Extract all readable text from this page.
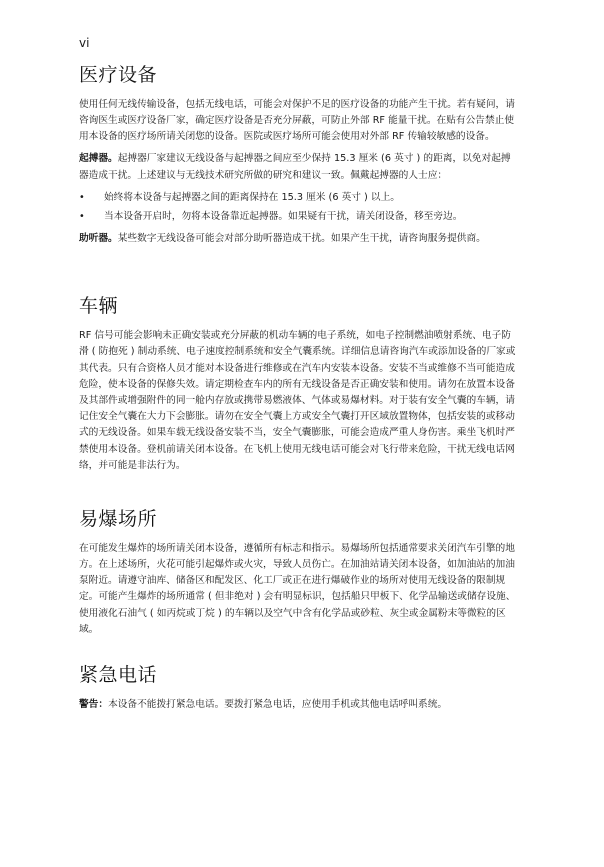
vi
医疗设备

使用任何无线传输设备，包括无线电话，可能会对保护不足的医疗设备的功能产生干扰。若有疑问，请咨询医生或医疗设备厂家，确定医疗设备是否充分屏蔽，可防止外部 RF 能量干扰。在贴有公告禁止使用本设备的医疗场所请关闭您的设备。医院或医疗场所可能会使用对外部 RF 传输较敏感的设备。

起搏器。起搏器厂家建议无线设备与起搏器之间应至少保持 15.3 厘米 (6 英寸 ) 的距离，以免对起搏器造成干扰。上述建议与无线技术研究所做的研究和建议一致。佩戴起搏器的人士应：

• 始终将本设备与起搏器之间的距离保持在 15.3 厘米 (6 英寸 ) 以上。
• 当本设备开启时，勿将本设备靠近起搏器。如果疑有干扰，请关闭设备，移至旁边。

助听器。某些数字无线设备可能会对部分助听器造成干扰。如果产生干扰，请咨询服务提供商。

车辆

RF 信号可能会影响未正确安装或充分屏蔽的机动车辆的电子系统，如电子控制燃油喷射系统、电子防滑 ( 防抱死 ) 制动系统、电子速度控制系统和安全气囊系统。详细信息请咨询汽车或添加设备的厂家或其代表。只有合资格人员才能对本设备进行维修或在汽车内安装本设备。安装不当或维修不当可能造成危险，使本设备的保修失效。请定期检查车内的所有无线设备是否正确安装和使用。请勿在放置本设备及其部件或增强附件的同一舱内存放或携带易燃液体、气体或易爆材料。对于装有安全气囊的车辆，请记住安全气囊在大力下会膨胀。请勿在安全气囊上方或安全气囊打开区域放置物体，包括安装的或移动式的无线设备。如果车载无线设备安装不当，安全气囊膨胀，可能会造成严重人身伤害。乘坐飞机时严禁使用本设备。登机前请关闭本设备。在飞机上使用无线电话可能会对飞行带来危险，干扰无线电话网络，并可能是非法行为。

易爆场所

在可能发生爆炸的场所请关闭本设备，遵循所有标志和指示。易爆场所包括通常要求关闭汽车引擎的地方。在上述场所，火花可能引起爆炸或火灾，导致人员伤亡。在加油站请关闭本设备，如加油站的加油泵附近。请遵守油库、储备区和配发区、化工厂或正在进行爆破作业的场所对使用无线设备的限制规定。可能产生爆炸的场所通常 ( 但非绝对 ) 会有明显标识，包括船只甲板下、化学品输送或储存设施、使用液化石油气 ( 如丙烷或丁烷 ) 的车辆以及空气中含有化学品或砂粒、灰尘或金属粉末等微粒的区域。

紧急电话

警告：本设备不能拨打紧急电话。要拨打紧急电话，应使用手机或其他电话呼叫系统。
